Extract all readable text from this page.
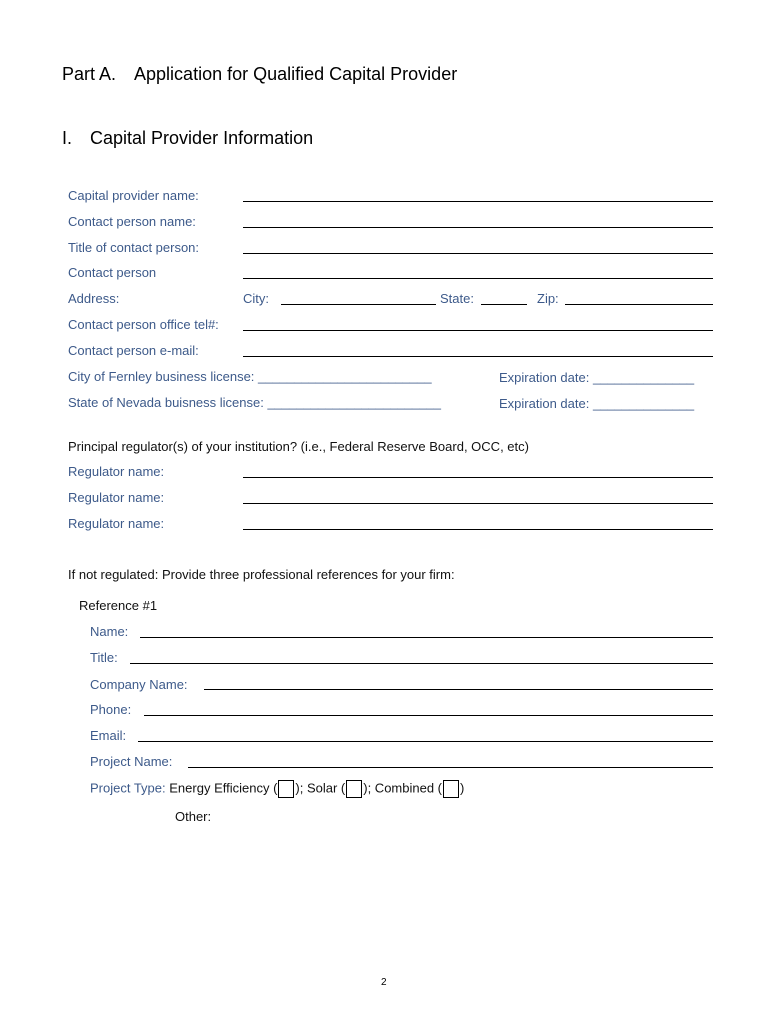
Part A. Application for Qualified Capital Provider
I. Capital Provider Information
Capital provider name:
Contact person name:
Title of contact person:
Contact person
Address:	City:	State:	Zip:
Contact person office tel#:
Contact person e-mail:
City of Fernley business license: ________________________	Expiration date: ______________
State of Nevada buisness license: ________________________	Expiration date: ______________
Principal regulator(s) of your institution? (i.e., Federal Reserve Board, OCC, etc)
Regulator name:
Regulator name:
Regulator name:
If not regulated: Provide three professional references for your firm:
Reference #1
Name:
Title:
Company Name:
Phone:
Email:
Project Name:
Project Type: Energy Efficiency ( ); Solar ( ); Combined ( )
Other:
2
